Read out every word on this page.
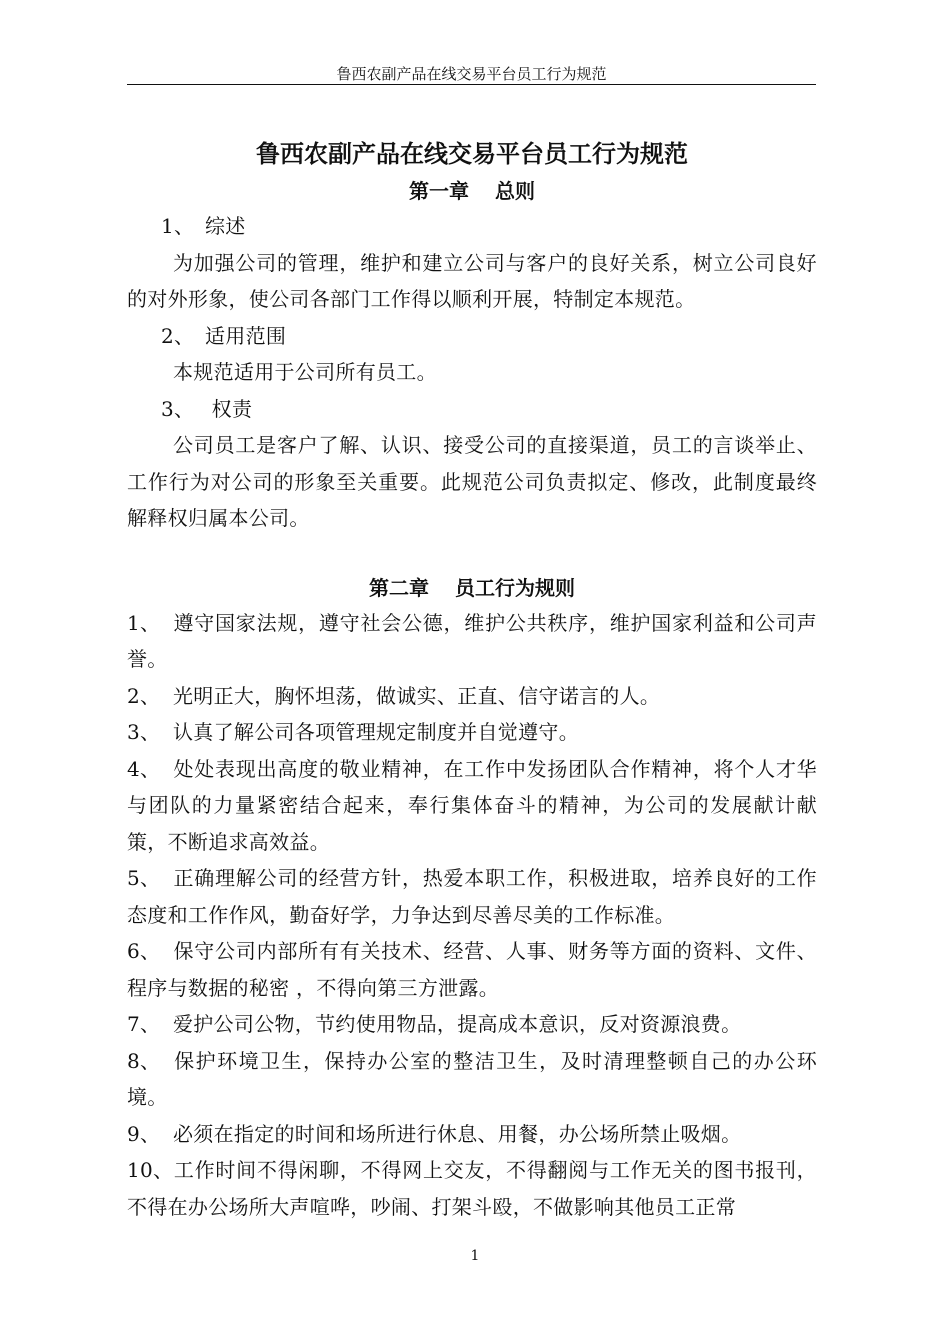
鲁西农副产品在线交易平台员工行为规范
鲁西农副产品在线交易平台员工行为规范
第一章 总则

1、 综述

为加强公司的管理，维护和建立公司与客户的良好关系，树立公司良好的对外形象，使公司各部门工作得以顺利开展，特制定本规范。

2、 适用范围

本规范适用于公司所有员工。

3、 权责

公司员工是客户了解、认识、接受公司的直接渠道，员工的言谈举止、工作行为对公司的形象至关重要。此规范公司负责拟定、修改，此制度最终解释权归属本公司。

第二章 员工行为规则

1、 遵守国家法规，遵守社会公德，维护公共秩序，维护国家利益和公司声誉。

2、 光明正大，胸怀坦荡，做诚实、正直、信守诺言的人。

3、 认真了解公司各项管理规定制度并自觉遵守。

4、 处处表现出高度的敬业精神，在工作中发扬团队合作精神，将个人才华与团队的力量紧密结合起来，奉行集体奋斗的精神，为公司的发展献计献策，不断追求高效益。

5、 正确理解公司的经营方针，热爱本职工作，积极进取，培养良好的工作态度和工作作风，勤奋好学，力争达到尽善尽美的工作标准。

6、 保守公司内部所有有关技术、经营、人事、财务等方面的资料、文件、程序与数据的秘密 ，不得向第三方泄露。

7、 爱护公司公物，节约使用物品，提高成本意识，反对资源浪费。

8、 保护环境卫生，保持办公室的整洁卫生，及时清理整顿自己的办公环境。

9、 必须在指定的时间和场所进行休息、用餐，办公场所禁止吸烟。

10、工作时间不得闲聊，不得网上交友，不得翻阅与工作无关的图书报刊，不得在办公场所大声喧哗，吵闹、打架斗殴，不做影响其他员工正常

1
